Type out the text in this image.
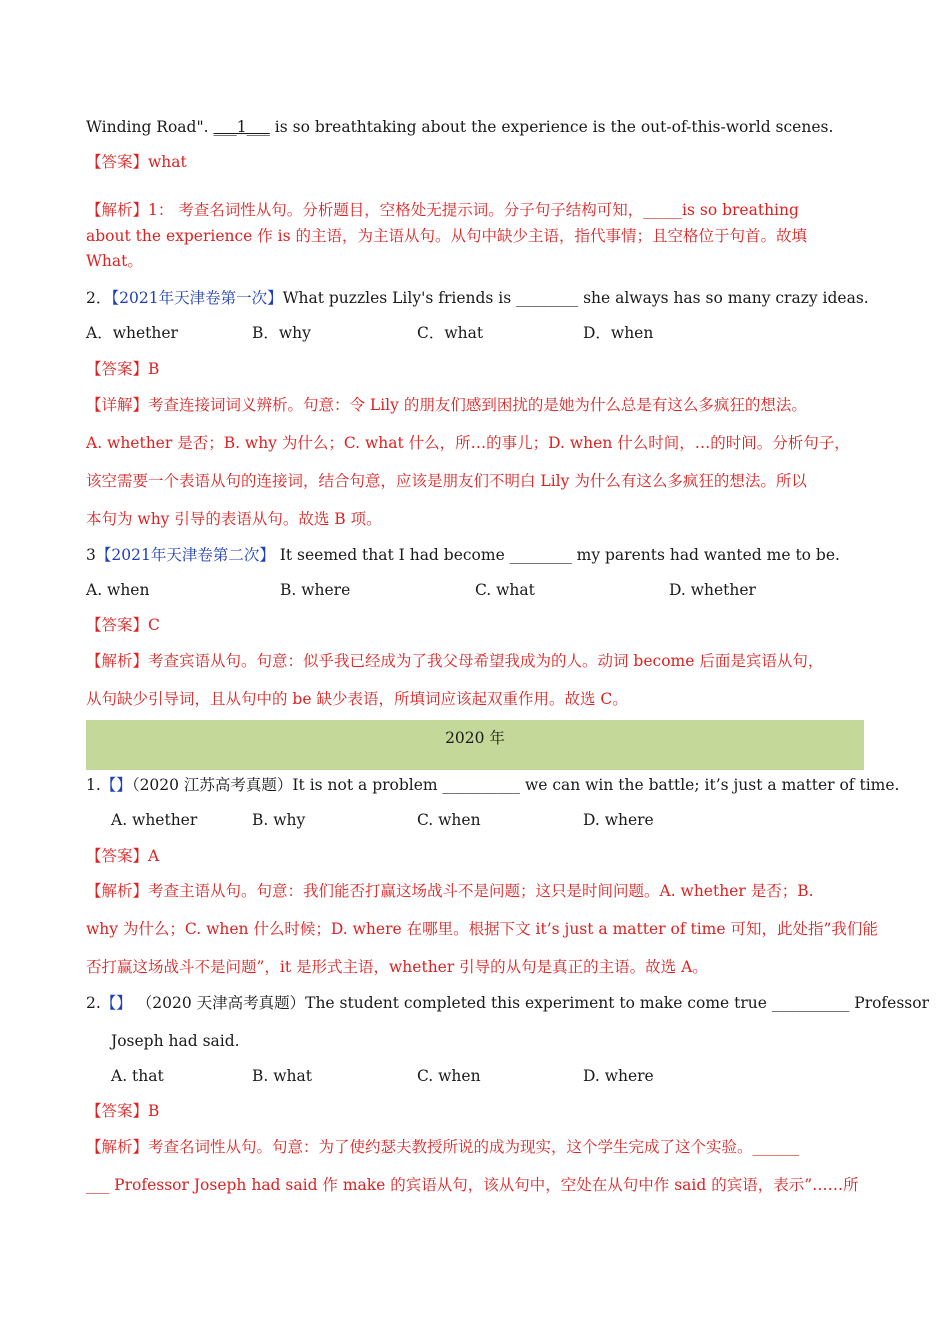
Winding Road". ___1___ is so breathtaking about the experience is the out-of-this-world scenes.
【答案】what
【解析】1： 考查名词性从句。分析题目，空格处无提示词。分子句子结构可知，_____is so breathing
about the experience 作 is 的主语，为主语从句。从句中缺少主语，指代事情；且空格位于句首。故填
What。
2．【2021年天津卷第一次】What puzzles Lily's friends is ________ she always has so many crazy ideas.
A．whether	B．why	C．what	D．when
【答案】B
【详解】考查连接词词义辨析。句意：令 Lily 的朋友们感到困扰的是她为什么总是有这么多疯狂的想法。
A. whether 是否；B. why 为什么；C. what 什么，所…的事儿；D. when 什么时间，…的时间。分析句子，
该空需要一个表语从句的连接词，结合句意，应该是朋友们不明白 Lily 为什么有这么多疯狂的想法。所以
本句为 why 引导的表语从句。故选 B 项。
3【2021年天津卷第二次】 It seemed that I had become ________ my parents had wanted me to be.
A. when	B. where	C. what	D. whether
【答案】C
【解析】考查宾语从句。句意：似乎我已经成为了我父母希望我成为的人。动词 become 后面是宾语从句，
从句缺少引导词，且从句中的 be 缺少表语，所填词应该起双重作用。故选 C。
2020 年
1.【】（2020 江苏高考真题）It is not a problem __________ we can win the battle; it’s just a matter of time.
A. whether	B. why	C. when	D. where
【答案】A
【解析】考查主语从句。句意：我们能否打赢这场战斗不是问题；这只是时间问题。A. whether 是否；B.
why 为什么；C. when 什么时候；D. where 在哪里。根据下文 it’s just a matter of time 可知，此处指”我们能
否打赢这场战斗不是问题”，it 是形式主语，whether 引导的从句是真正的主语。故选 A。
2.【】 （2020 天津高考真题）The student completed this experiment to make come true __________ Professor
Joseph had said.
A. that	B. what	C. when	D. where
【答案】B
【解析】考查名词性从句。句意：为了使约瑟夫教授所说的成为现实，这个学生完成了这个实验。______
___ Professor Joseph had said 作 make 的宾语从句，该从句中，空处在从句中作 said 的宾语，表示”……所
